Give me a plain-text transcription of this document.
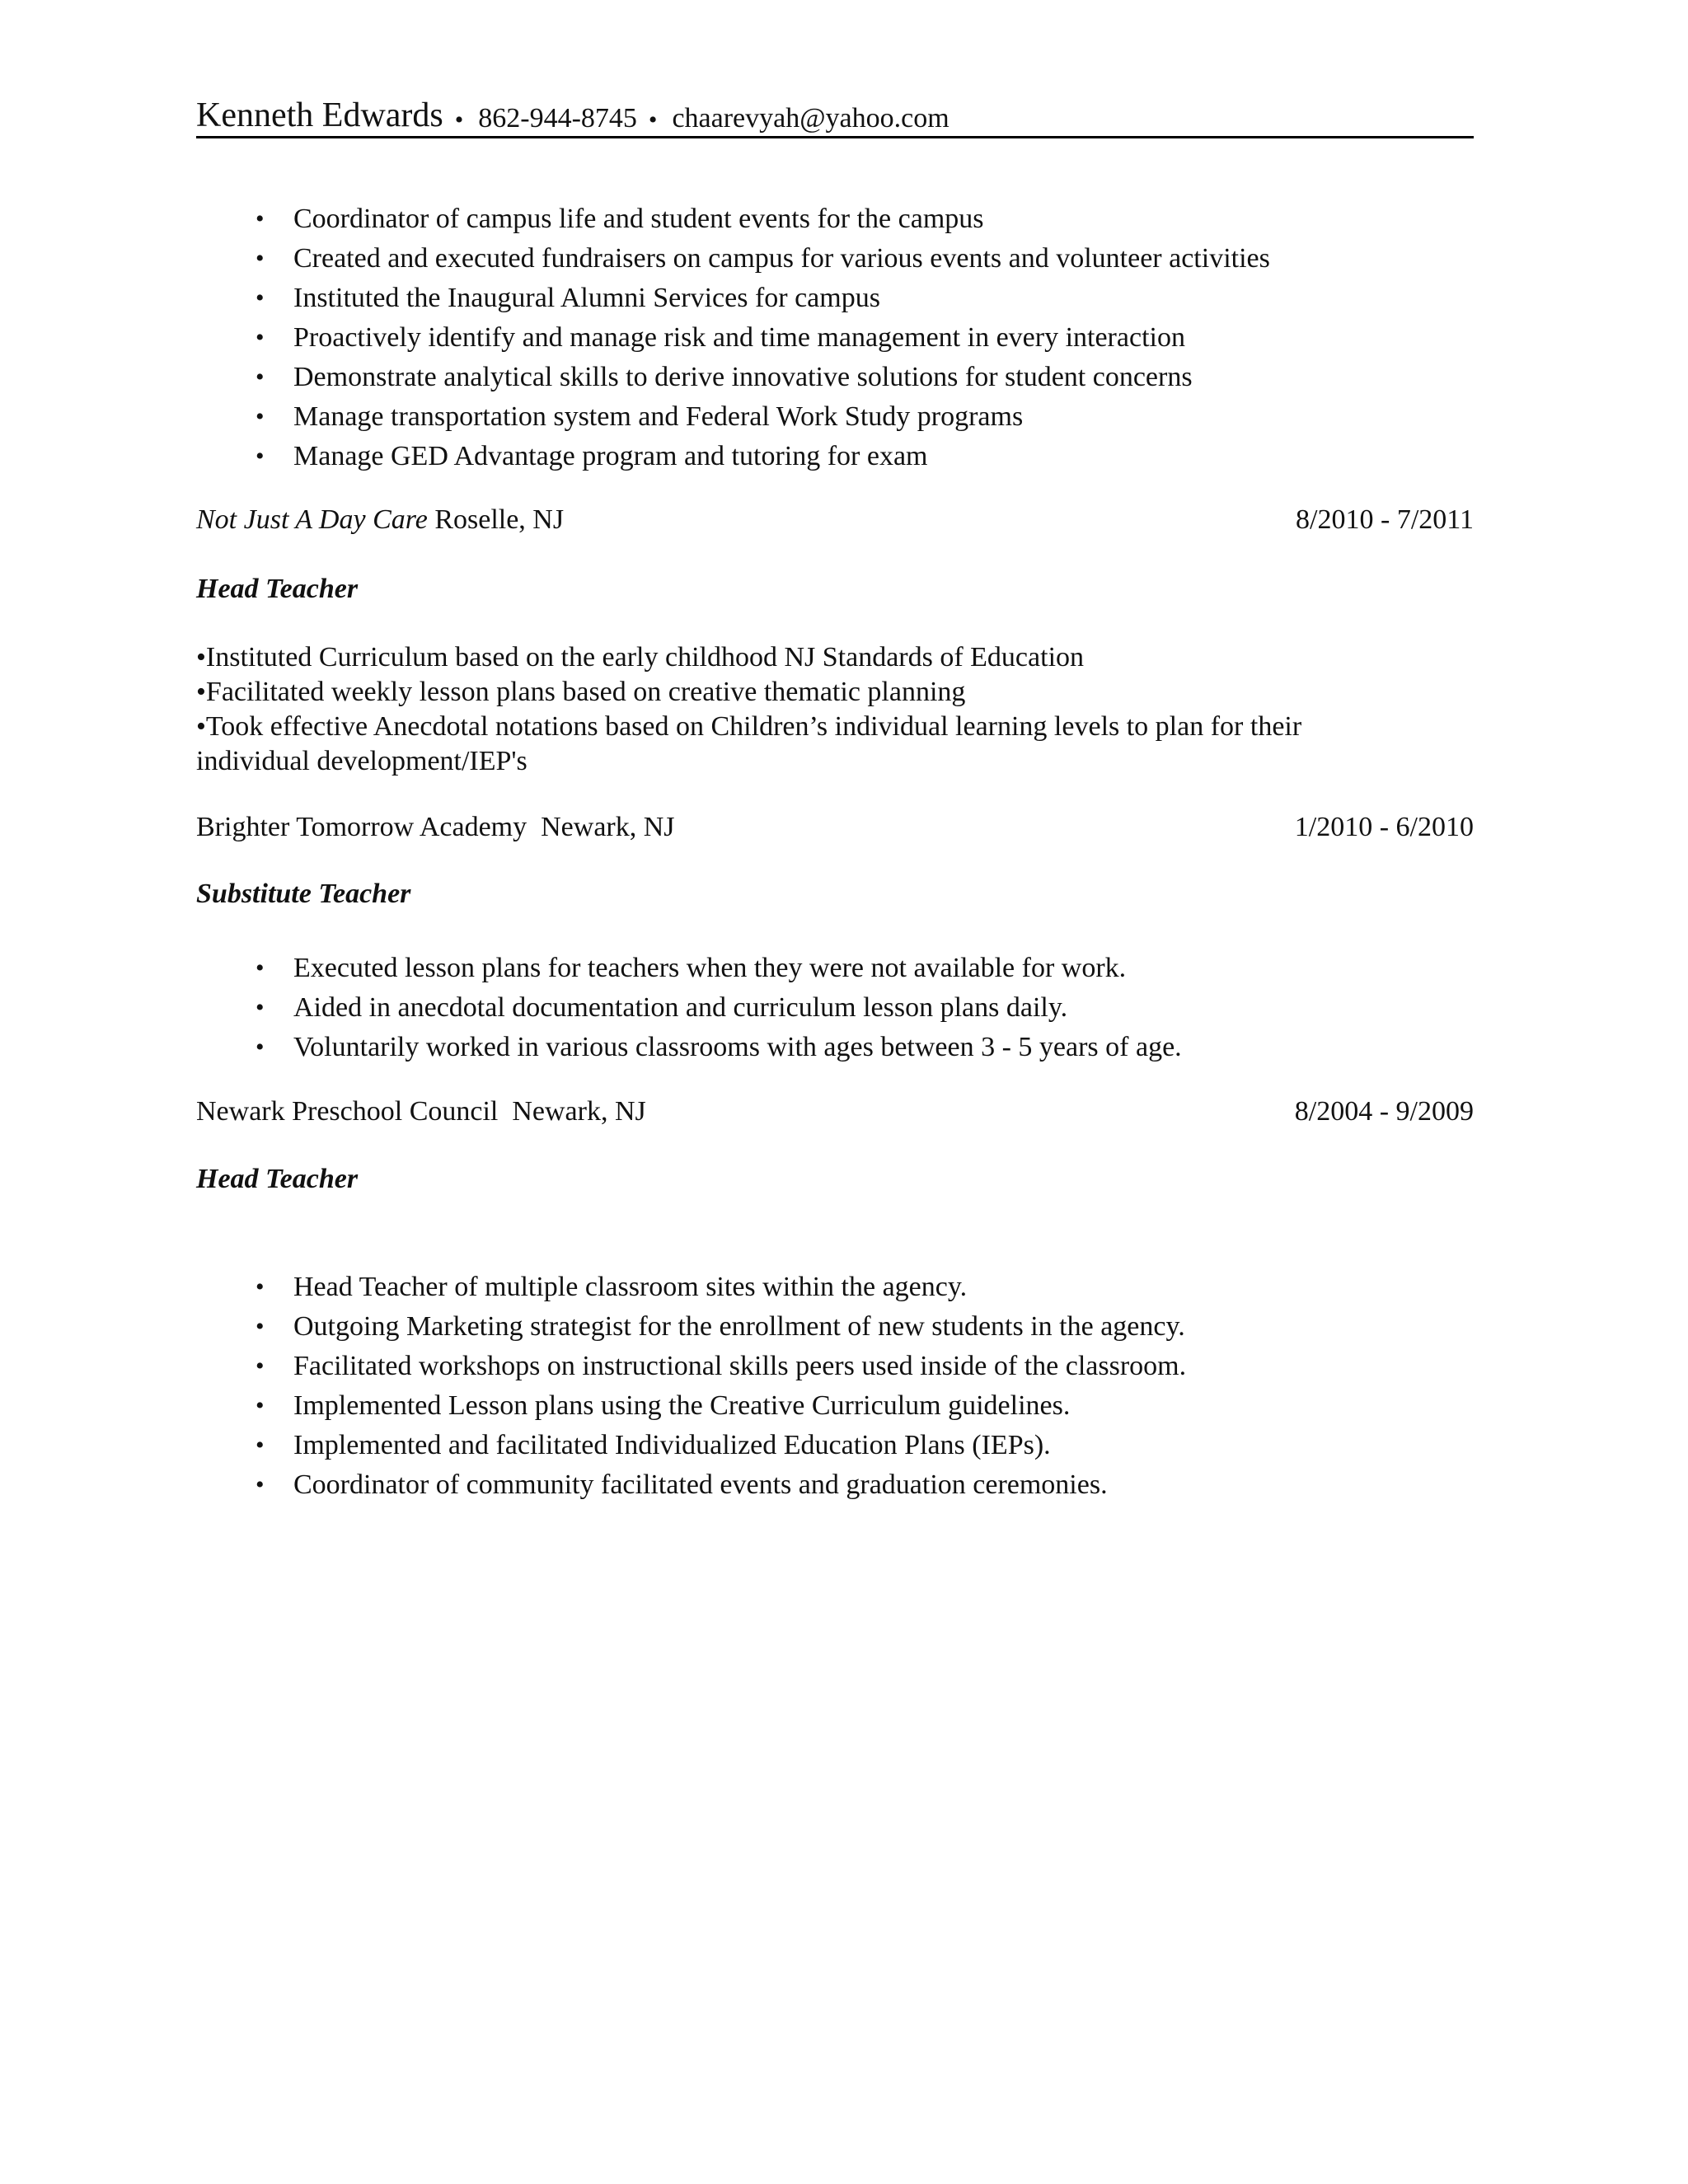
Kenneth Edwards • 862-944-8745 • chaarevyah@yahoo.com
• Coordinator of campus life and student events for the campus
• Created and executed fundraisers on campus for various events and volunteer activities
• Instituted the Inaugural Alumni Services for campus
• Proactively identify and manage risk and time management in every interaction
• Demonstrate analytical skills to derive innovative solutions for student concerns
• Manage transportation system and Federal Work Study programs
• Manage GED Advantage program and tutoring for exam
Not Just A Day Care Roselle, NJ	8/2010 - 7/2011
Head Teacher
•Instituted Curriculum based on the early childhood NJ Standards of Education
•Facilitated weekly lesson plans based on creative thematic planning
•Took effective Anecdotal notations based on Children’s individual learning levels to plan for their
individual development/IEP's
Brighter Tomorrow Academy  Newark, NJ	1/2010 - 6/2010
Substitute Teacher
• Executed lesson plans for teachers when they were not available for work.
• Aided in anecdotal documentation and curriculum lesson plans daily.
• Voluntarily worked in various classrooms with ages between 3 - 5 years of age.
Newark Preschool Council  Newark, NJ	8/2004 - 9/2009
Head Teacher
• Head Teacher of multiple classroom sites within the agency.
• Outgoing Marketing strategist for the enrollment of new students in the agency.
• Facilitated workshops on instructional skills peers used inside of the classroom.
• Implemented Lesson plans using the Creative Curriculum guidelines.
• Implemented and facilitated Individualized Education Plans (IEPs).
• Coordinator of community facilitated events and graduation ceremonies.
